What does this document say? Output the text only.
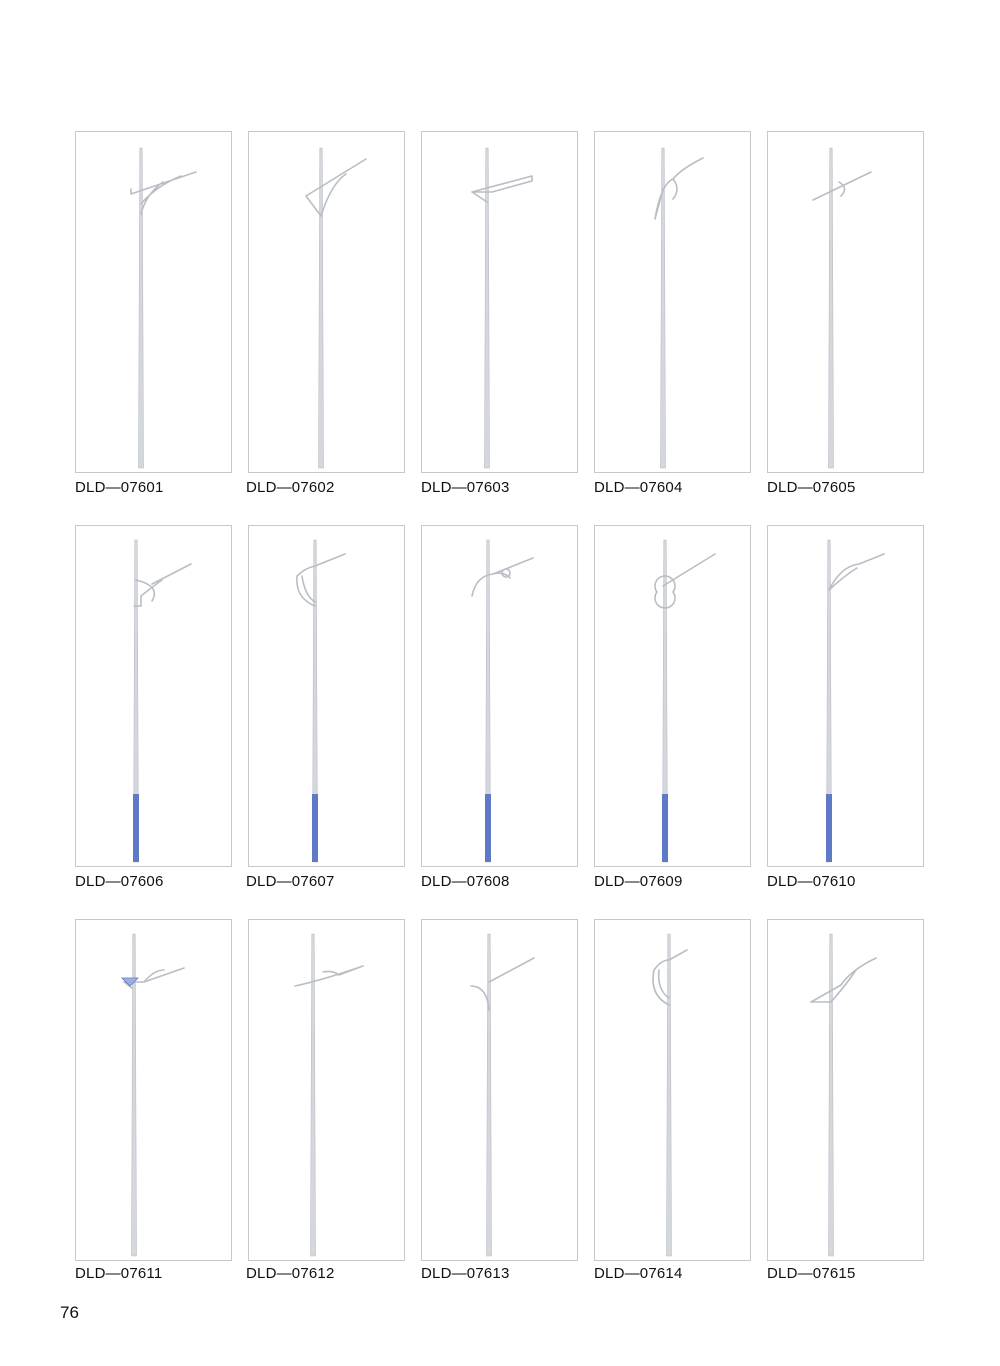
DLD—07601	DLD—07602	DLD—07603	DLD—07604	DLD—07605
DLD—07606	DLD—07607	DLD—07608	DLD—07609	DLD—07610
DLD—07611	DLD—07612	DLD—07613	DLD—07614	DLD—07615
76
